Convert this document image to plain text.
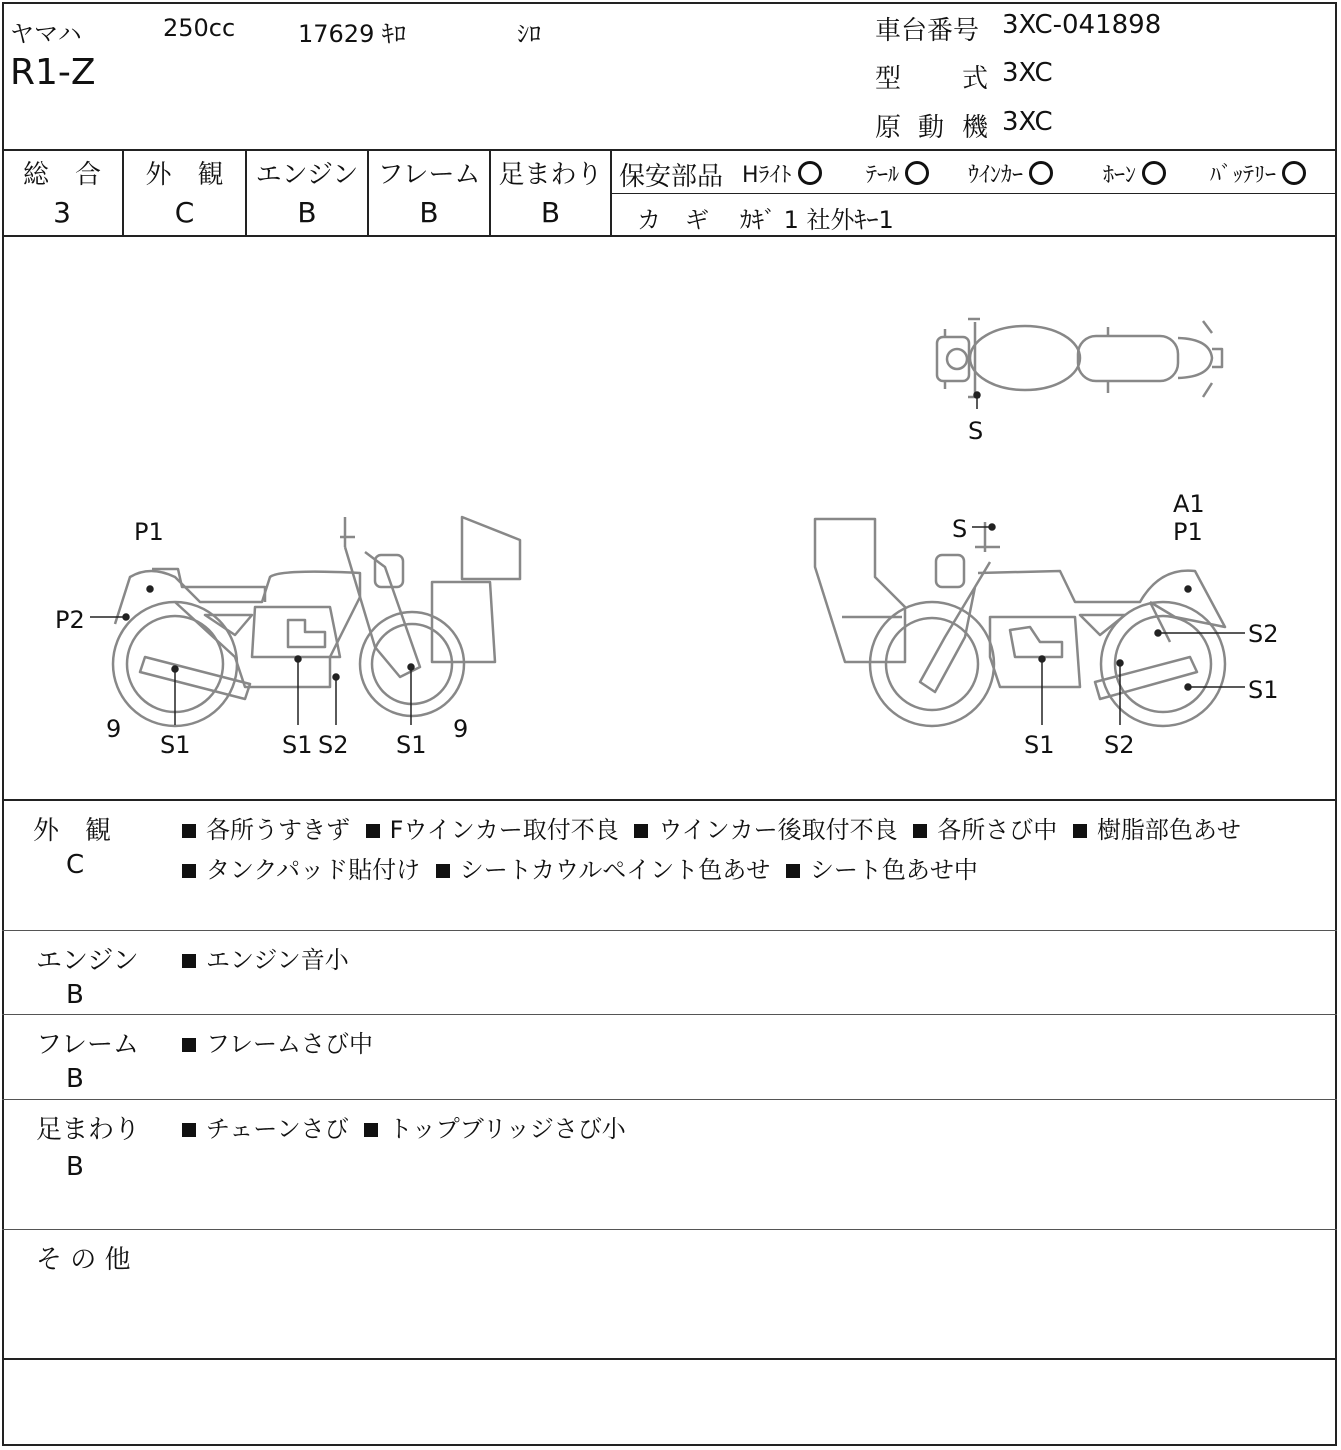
ヤマハ	250cc	17629 ｷﾛ	ｼﾛ
R1-Z
車台番号 3XC-041898
型 式 3XC
原 動 機 3XC
総　合
3
外　観
C
エンジン
B
フレーム
B
足まわり
B
保安部品 Hﾗｲﾄ	ﾃｰﾙ	ｳｲﾝｶｰ	ﾎｰﾝ	ﾊﾞｯﾃﾘｰ
カ　ギ ｶｷﾞ 1 社外ｷｰ1
P1
P2
9
S1	S1 S2 S1
9
A1
P1
S
S2
S1
S1 S2
S
外　観
C
各所うすきず Fウインカー取付不良 ウインカー後取付不良 各所さび中 樹脂部色あせ
タンクパッド貼付け シートカウルペイント色あせ シート色あせ中
エンジン
B
エンジン音小
フレーム
B
フレームさび中
足まわり
B
チェーンさび トップブリッジさび小
そ の 他
